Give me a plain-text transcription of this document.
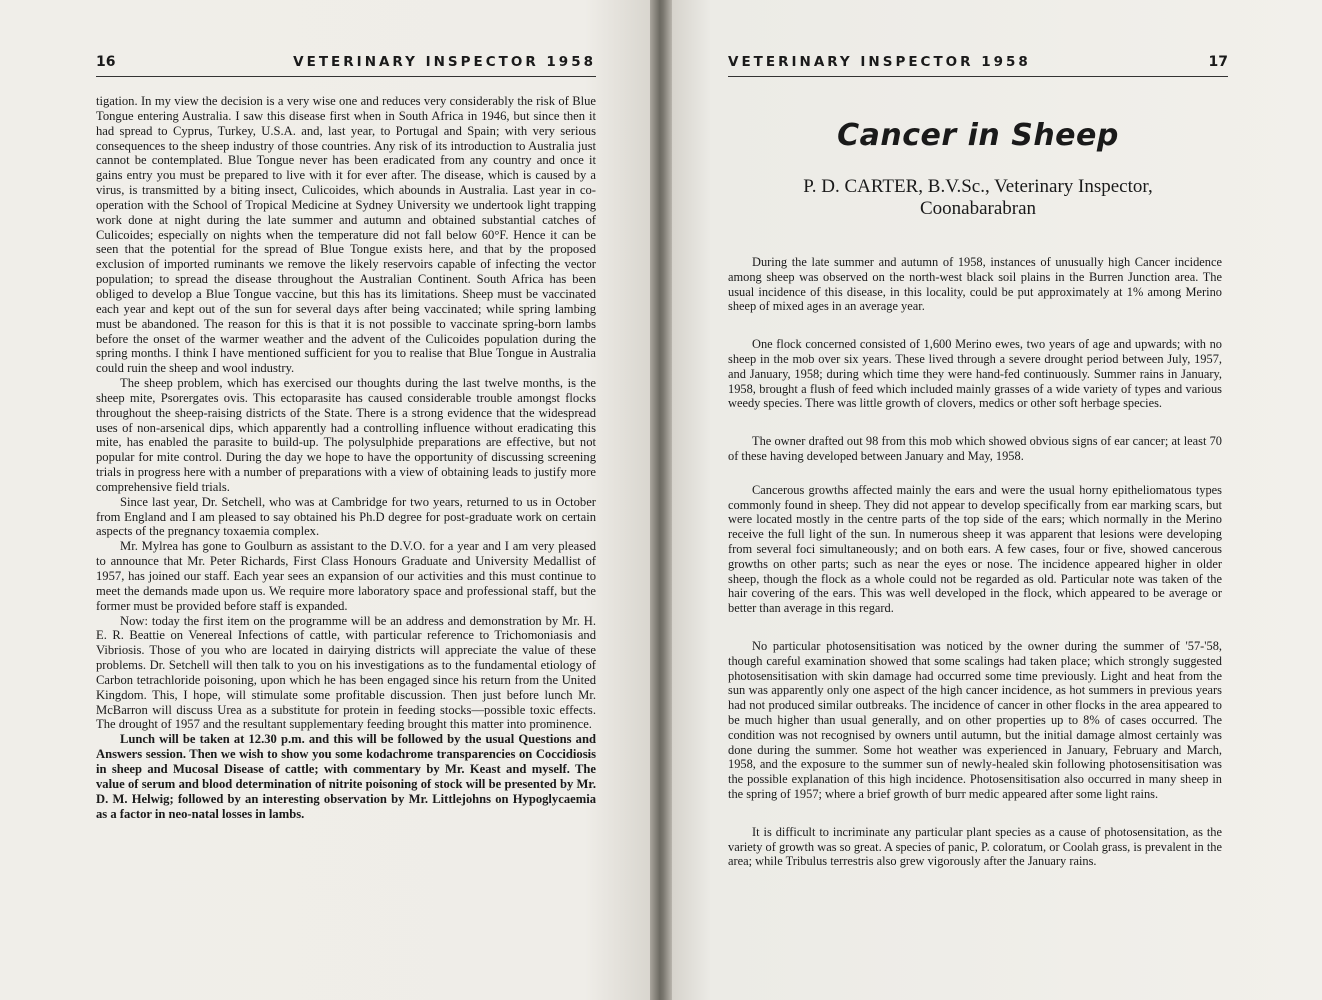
16	VETERINARY INSPECTOR 1958

tigation. In my view the decision is a very wise one and reduces very considerably the risk of Blue Tongue entering Australia. I saw this disease first when in South Africa in 1946, but since then it had spread to Cyprus, Turkey, U.S.A. and, last year, to Portugal and Spain; with very serious consequences to the sheep industry of those countries. Any risk of its introduction to Australia just cannot be contemplated. Blue Tongue never has been eradicated from any country and once it gains entry you must be prepared to live with it for ever after. The disease, which is caused by a virus, is transmitted by a biting insect, Culicoides, which abounds in Australia. Last year in co-operation with the School of Tropical Medicine at Sydney University we undertook light trapping work done at night during the late summer and autumn and obtained substantial catches of Culicoides; especially on nights when the temperature did not fall below 60°F. Hence it can be seen that the potential for the spread of Blue Tongue exists here, and that by the proposed exclusion of imported ruminants we remove the likely reservoirs capable of infecting the vector population; to spread the disease throughout the Australian Continent. South Africa has been obliged to develop a Blue Tongue vaccine, but this has its limitations. Sheep must be vaccinated each year and kept out of the sun for several days after being vaccinated; while spring lambing must be abandoned. The reason for this is that it is not possible to vaccinate spring-born lambs before the onset of the warmer weather and the advent of the Culicoides population during the spring months. I think I have mentioned sufficient for you to realise that Blue Tongue in Australia could ruin the sheep and wool industry.

The sheep problem, which has exercised our thoughts during the last twelve months, is the sheep mite, Psorergates ovis. This ectoparasite has caused considerable trouble amongst flocks throughout the sheep-raising districts of the State. There is a strong evidence that the widespread uses of non-arsenical dips, which apparently had a controlling influence without eradicating this mite, has enabled the parasite to build-up. The polysulphide preparations are effective, but not popular for mite control. During the day we hope to have the opportunity of discussing screening trials in progress here with a number of preparations with a view of obtaining leads to justify more comprehensive field trials.

Since last year, Dr. Setchell, who was at Cambridge for two years, returned to us in October from England and I am pleased to say obtained his Ph.D degree for post-graduate work on certain aspects of the pregnancy toxaemia complex.

Mr. Mylrea has gone to Goulburn as assistant to the D.V.O. for a year and I am very pleased to announce that Mr. Peter Richards, First Class Honours Graduate and University Medallist of 1957, has joined our staff. Each year sees an expansion of our activities and this must continue to meet the demands made upon us. We require more laboratory space and professional staff, but the former must be provided before staff is expanded.

Now: today the first item on the programme will be an address and demonstration by Mr. H. E. R. Beattie on Venereal Infections of cattle, with particular reference to Trichomoniasis and Vibriosis. Those of you who are located in dairying districts will appreciate the value of these problems. Dr. Setchell will then talk to you on his investigations as to the fundamental etiology of Carbon tetrachloride poisoning, upon which he has been engaged since his return from the United Kingdom. This, I hope, will stimulate some profitable discussion. Then just before lunch Mr. McBarron will discuss Urea as a substitute for protein in feeding stocks—possible toxic effects. The drought of 1957 and the resultant supplementary feeding brought this matter into prominence.

Lunch will be taken at 12.30 p.m. and this will be followed by the usual Questions and Answers session. Then we wish to show you some kodachrome transparencies on Coccidiosis in sheep and Mucosal Disease of cattle; with commentary by Mr. Keast and myself. The value of serum and blood determination of nitrite poisoning of stock will be presented by Mr. D. M. Helwig; followed by an interesting observation by Mr. Littlejohns on Hypoglycaemia as a factor in neo-natal losses in lambs.

VETERINARY INSPECTOR 1958	17
Cancer in Sheep
P. D. CARTER, B.V.Sc., Veterinary Inspector,
Coonabarabran

During the late summer and autumn of 1958, instances of unusually high Cancer incidence among sheep was observed on the north-west black soil plains in the Burren Junction area. The usual incidence of this disease, in this locality, could be put approximately at 1% among Merino sheep of mixed ages in an average year.

One flock concerned consisted of 1,600 Merino ewes, two years of age and upwards; with no sheep in the mob over six years. These lived through a severe drought period between July, 1957, and January, 1958; during which time they were hand-fed continuously. Summer rains in January, 1958, brought a flush of feed which included mainly grasses of a wide variety of types and various weedy species. There was little growth of clovers, medics or other soft herbage species.

The owner drafted out 98 from this mob which showed obvious signs of ear cancer; at least 70 of these having developed between January and May, 1958.

Cancerous growths affected mainly the ears and were the usual horny epitheliomatous types commonly found in sheep. They did not appear to develop specifically from ear marking scars, but were located mostly in the centre parts of the top side of the ears; which normally in the Merino receive the full light of the sun. In numerous sheep it was apparent that lesions were developing from several foci simultaneously; and on both ears. A few cases, four or five, showed cancerous growths on other parts; such as near the eyes or nose. The incidence appeared higher in older sheep, though the flock as a whole could not be regarded as old. Particular note was taken of the hair covering of the ears. This was well developed in the flock, which appeared to be average or better than average in this regard.

No particular photosensitisation was noticed by the owner during the summer of '57-'58, though careful examination showed that some scalings had taken place; which strongly suggested photosensitisation with skin damage had occurred some time previously. Light and heat from the sun was apparently only one aspect of the high cancer incidence, as hot summers in previous years had not produced similar outbreaks. The incidence of cancer in other flocks in the area appeared to be much higher than usual generally, and on other properties up to 8% of cases occurred. The condition was not recognised by owners until autumn, but the initial damage almost certainly was done during the summer. Some hot weather was experienced in January, February and March, 1958, and the exposure to the summer sun of newly-healed skin following photosensitisation was the possible explanation of this high incidence. Photosensitisation also occurred in many sheep in the spring of 1957; where a brief growth of burr medic appeared after some light rains.

It is difficult to incriminate any particular plant species as a cause of photosensitation, as the variety of growth was so great. A species of panic, P. coloratum, or Coolah grass, is prevalent in the area; while Tribulus terrestris also grew vigorously after the January rains.
